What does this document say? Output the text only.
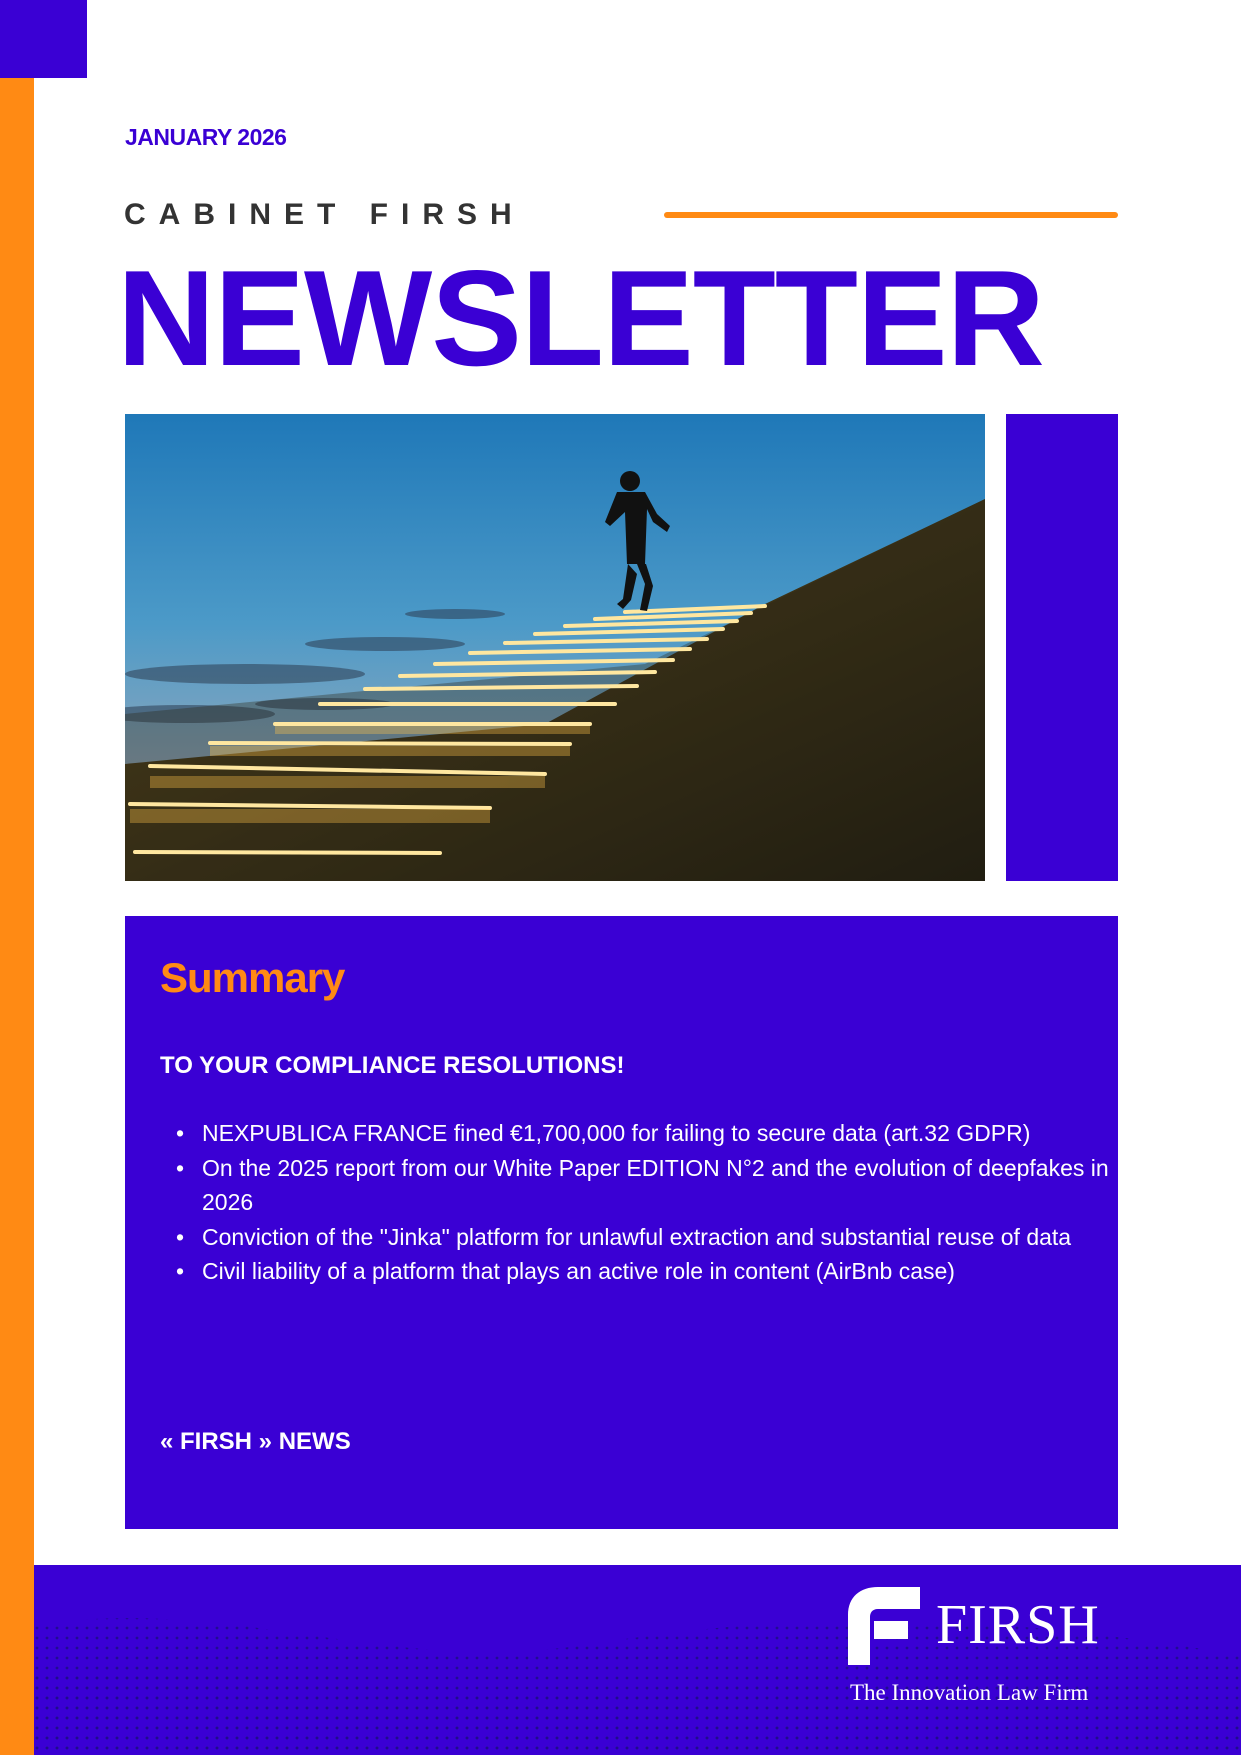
JANUARY 2026
CABINET FIRSH
NEWSLETTER
Summary
TO YOUR COMPLIANCE RESOLUTIONS!
• NEXPUBLICA FRANCE fined €1,700,000 for failing to secure data (art.32 GDPR)
• On the 2025 report from our White Paper EDITION N°2 and the evolution of deepfakes in 2026
• Conviction of the "Jinka" platform for unlawful extraction and substantial reuse of data
• Civil liability of a platform that plays an active role in content (AirBnb case)
« FIRSH » NEWS
FIRSH
The Innovation Law Firm
